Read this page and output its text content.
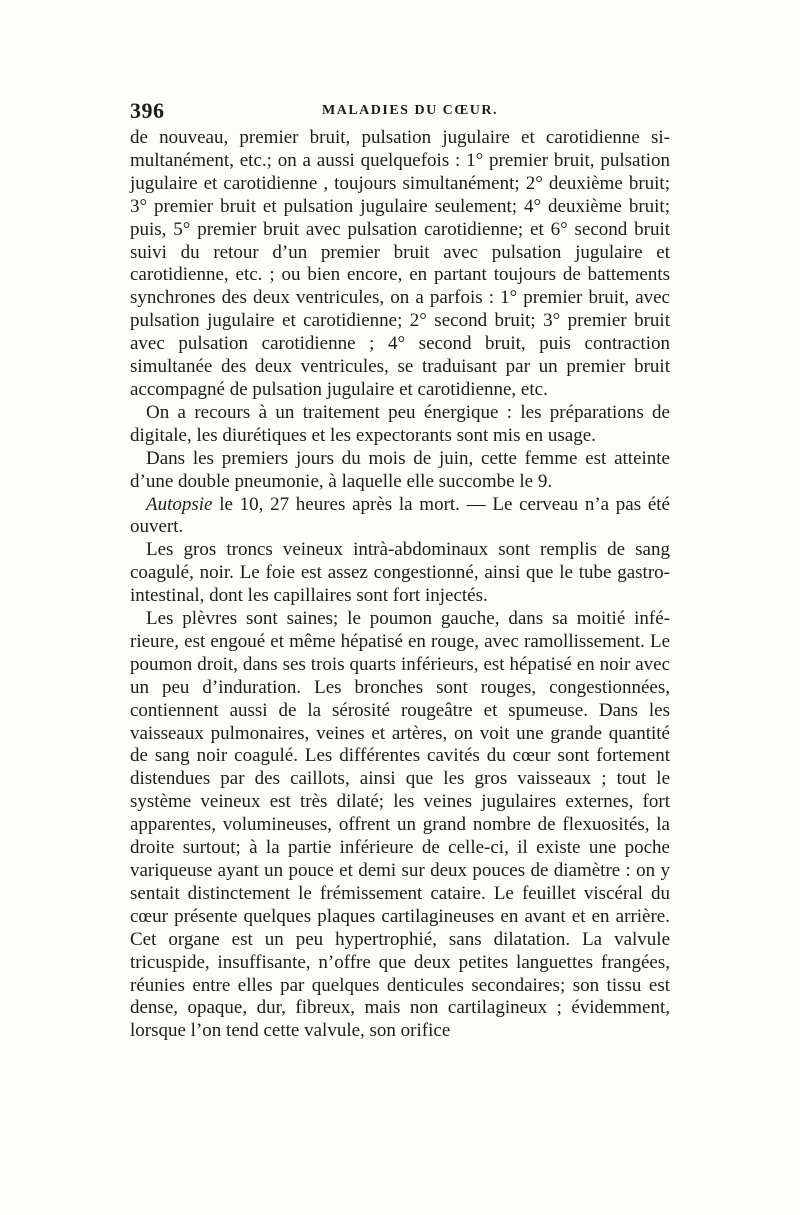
396	MALADIES DU CŒUR.

de nouveau, premier bruit, pulsation jugulaire et carotidienne simultanément, etc.; on a aussi quelquefois : 1° premier bruit, pulsation jugulaire et carotidienne , toujours simultanément; 2° deuxième bruit; 3° premier bruit et pulsation jugulaire seulement; 4° deuxième bruit; puis, 5° premier bruit avec pulsation carotidienne; et 6° second bruit suivi du retour d’un premier bruit avec pulsation jugulaire et carotidienne, etc. ; ou bien encore, en partant toujours de battements synchrones des deux ventricules, on a parfois : 1° premier bruit, avec pulsation jugulaire et carotidienne; 2° second bruit; 3° premier bruit avec pulsation carotidienne ; 4° second bruit, puis contraction simultanée des deux ventricules, se traduisant par un premier bruit accompagné de pulsation jugulaire et carotidienne, etc.

On a recours à un traitement peu énergique : les préparations de digitale, les diurétiques et les expectorants sont mis en usage.

Dans les premiers jours du mois de juin, cette femme est atteinte d’une double pneumonie, à laquelle elle succombe le 9.

Autopsie le 10, 27 heures après la mort. — Le cerveau n’a pas été ouvert.

Les gros troncs veineux intrà-abdominaux sont remplis de sang coagulé, noir. Le foie est assez congestionné, ainsi que le tube gastro-intestinal, dont les capillaires sont fort injectés.

Les plèvres sont saines; le poumon gauche, dans sa moitié inférieure, est engoué et même hépatisé en rouge, avec ramollissement. Le poumon droit, dans ses trois quarts inférieurs, est hépatisé en noir avec un peu d’induration. Les bronches sont rouges, congestionnées, contiennent aussi de la sérosité rougeâtre et spumeuse. Dans les vaisseaux pulmonaires, veines et artères, on voit une grande quantité de sang noir coagulé. Les différentes cavités du cœur sont fortement distendues par des caillots, ainsi que les gros vaisseaux ; tout le système veineux est très dilaté; les veines jugulaires externes, fort apparentes, volumineuses, offrent un grand nombre de flexuosités, la droite surtout; à la partie inférieure de celle-ci, il existe une poche variqueuse ayant un pouce et demi sur deux pouces de diamètre : on y sentait distinctement le frémissement cataire. Le feuillet viscéral du cœur présente quelques plaques cartilagineuses en avant et en arrière. Cet organe est un peu hypertrophié, sans dilatation. La valvule tricuspide, insuffisante, n’offre que deux petites languettes frangées, réunies entre elles par quelques denticules secondaires; son tissu est dense, opaque, dur, fibreux, mais non cartilagineux ; évidemment, lorsque l’on tend cette valvule, son orifice
